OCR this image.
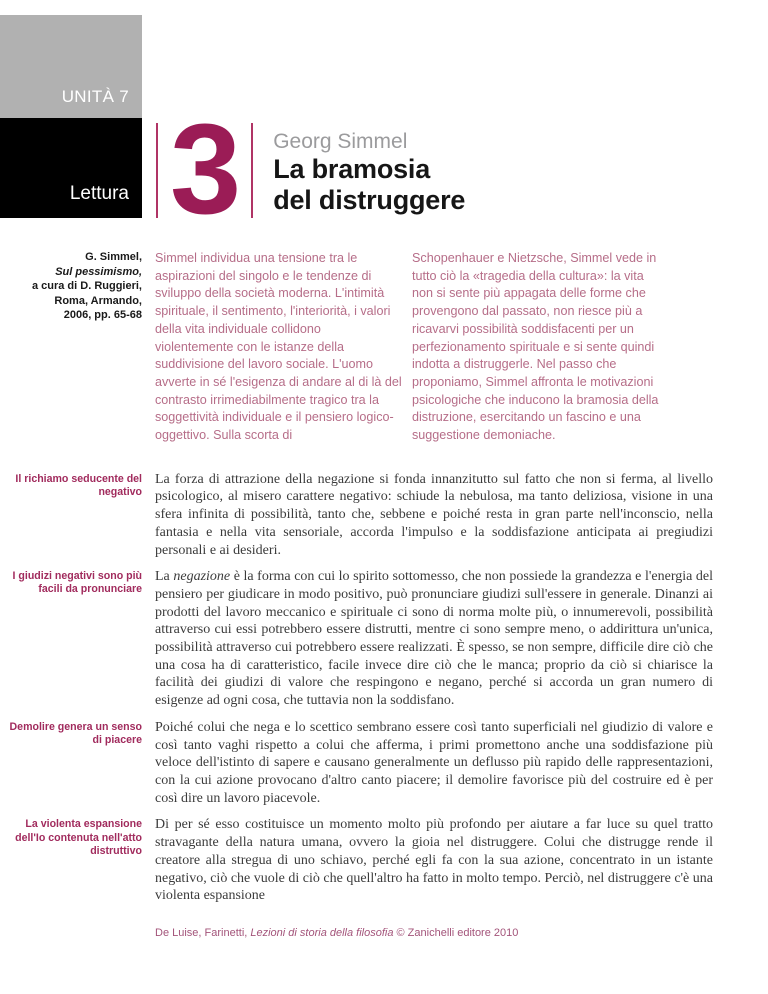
UNITÀ 7
Lettura 3	Georg Simmel
La bramosia
del distruggere
G. Simmel,
Sul pessimismo,
a cura di D. Ruggieri,
Roma, Armando,
2006, pp. 65-68
Simmel individua una tensione tra le aspirazioni del singolo e le tendenze di sviluppo della società moderna. L'intimità spirituale, il sentimento, l'interiorità, i valori della vita individuale collidono violentemente con le istanze della suddivisione del lavoro sociale. L'uomo avverte in sé l'esigenza di andare al di là del contrasto irrimediabilmente tragico tra la soggettività individuale e il pensiero logico-oggettivo. Sulla scorta di
Schopenhauer e Nietzsche, Simmel vede in tutto ciò la «tragedia della cultura»: la vita non si sente più appagata delle forme che provengono dal passato, non riesce più a ricavarvi possibilità soddisfacenti per un perfezionamento spirituale e si sente quindi indotta a distruggerle. Nel passo che proponiamo, Simmel affronta le motivazioni psicologiche che inducono la bramosia della distruzione, esercitando un fascino e una suggestione demoniache.
Il richiamo seducente del negativo

La forza di attrazione della negazione si fonda innanzitutto sul fatto che non si ferma, al livello psicologico, al misero carattere negativo: schiude la nebulosa, ma tanto deliziosa, visione in una sfera infinita di possibilità, tanto che, sebbene e poiché resta in gran parte nell'inconscio, nella fantasia e nella vita sensoriale, accorda l'impulso e la soddisfazione anticipata ai pregiudizi personali e ai desideri.

I giudizi negativi sono più facili da pronunciare

La negazione è la forma con cui lo spirito sottomesso, che non possiede la grandezza e l'energia del pensiero per giudicare in modo positivo, può pronunciare giudizi sull'essere in generale. Dinanzi ai prodotti del lavoro meccanico e spirituale ci sono di norma molte più, o innumerevoli, possibilità attraverso cui essi potrebbero essere distrutti, mentre ci sono sempre meno, o addirittura un'unica, possibilità attraverso cui potrebbero essere realizzati. È spesso, se non sempre, difficile dire ciò che una cosa ha di caratteristico, facile invece dire ciò che le manca; proprio da ciò si chiarisce la facilità dei giudizi di valore che respingono e negano, perché si accorda un gran numero di esigenze ad ogni cosa, che tuttavia non la soddisfano.

Demolire genera un senso di piacere

Poiché colui che nega e lo scettico sembrano essere così tanto superficiali nel giudizio di valore e così tanto vaghi rispetto a colui che afferma, i primi promettono anche una soddisfazione più veloce dell'istinto di sapere e causano generalmente un deflusso più rapido delle rappresentazioni, con la cui azione provocano d'altro canto piacere; il demolire favorisce più del costruire ed è per così dire un lavoro piacevole.

La violenta espansione dell'Io contenuta nell'atto distruttivo

Di per sé esso costituisce un momento molto più profondo per aiutare a far luce su quel tratto stravagante della natura umana, ovvero la gioia nel distruggere. Colui che distrugge rende il creatore alla stregua di uno schiavo, perché egli fa con la sua azione, concentrato in un istante negativo, ciò che vuole di ciò che quell'altro ha fatto in molto tempo. Perciò, nel distruggere c'è una violenta espansione

De Luise, Farinetti, Lezioni di storia della filosofia © Zanichelli editore 2010
